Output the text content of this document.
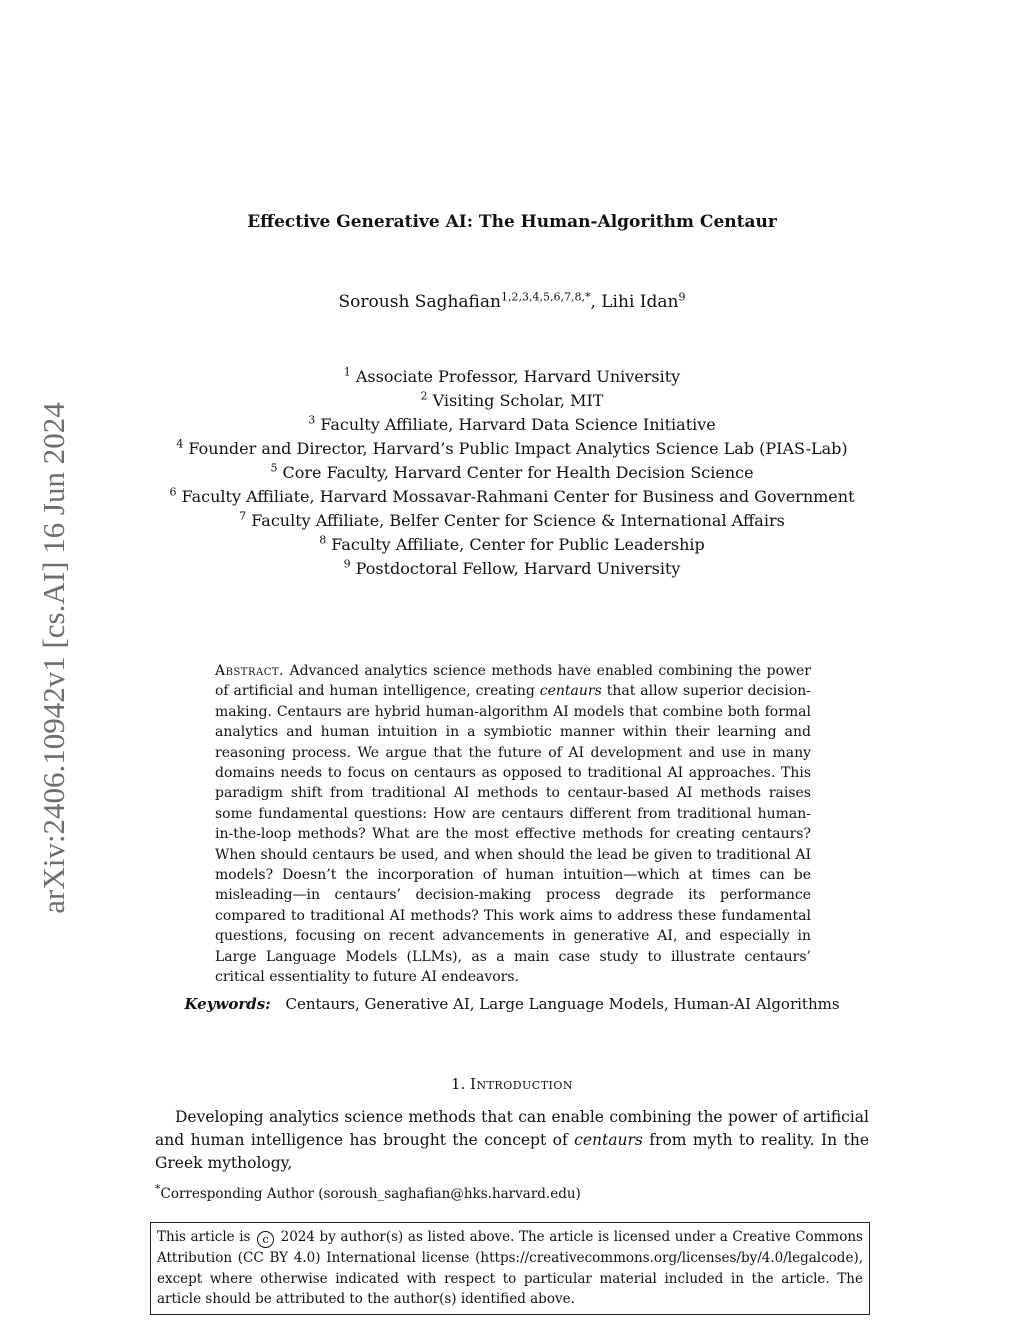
arXiv:2406.10942v1 [cs.AI] 16 Jun 2024
Effective Generative AI: The Human-Algorithm Centaur
Soroush Saghafian$^{1,2,3,4,5,6,7,8,*}$, Lihi Idan$^9$

$^1$ Associate Professor, Harvard University

$^2$ Visiting Scholar, MIT

$^3$ Faculty Affiliate, Harvard Data Science Initiative

$^4$ Founder and Director, Harvard’s Public Impact Analytics Science Lab (PIAS-Lab)

$^5$ Core Faculty, Harvard Center for Health Decision Science

$^6$ Faculty Affiliate, Harvard Mossavar-Rahmani Center for Business and Government

$^7$ Faculty Affiliate, Belfer Center for Science & International Affairs

$^8$ Faculty Affiliate, Center for Public Leadership

$^9$ Postdoctoral Fellow, Harvard University

Abstract. Advanced analytics science methods have enabled combining the power of artificial and human intelligence, creating centaurs that allow superior decision-making. Centaurs are hybrid human-algorithm AI models that combine both formal analytics and human intuition in a symbiotic manner within their learning and reasoning process. We argue that the future of AI development and use in many domains needs to focus on centaurs as opposed to traditional AI approaches. This paradigm shift from traditional AI methods to centaur-based AI methods raises some fundamental questions: How are centaurs different from traditional human-in-the-loop methods? What are the most effective methods for creating centaurs? When should centaurs be used, and when should the lead be given to traditional AI models? Doesn’t the incorporation of human intuition—which at times can be misleading—in centaurs’ decision-making process degrade its performance compared to traditional AI methods? This work aims to address these fundamental questions, focusing on recent advancements in generative AI, and especially in Large Language Models (LLMs), as a main case study to illustrate centaurs’ critical essentiality to future AI endeavors.
Keywords: Centaurs, Generative AI, Large Language Models, Human-AI Algorithms
1. Introduction

Developing analytics science methods that can enable combining the power of artificial and human intelligence has brought the concept of centaurs from myth to reality. In the Greek mythology,

*Corresponding Author (soroush_saghafian@hks.harvard.edu)
This article is c 2024 by author(s) as listed above. The article is licensed under a Creative Commons Attribution (CC BY 4.0) International license (https://creativecommons.org/licenses/by/4.0/legalcode), except where otherwise indicated with respect to particular material included in the article. The article should be attributed to the author(s) identified above.
